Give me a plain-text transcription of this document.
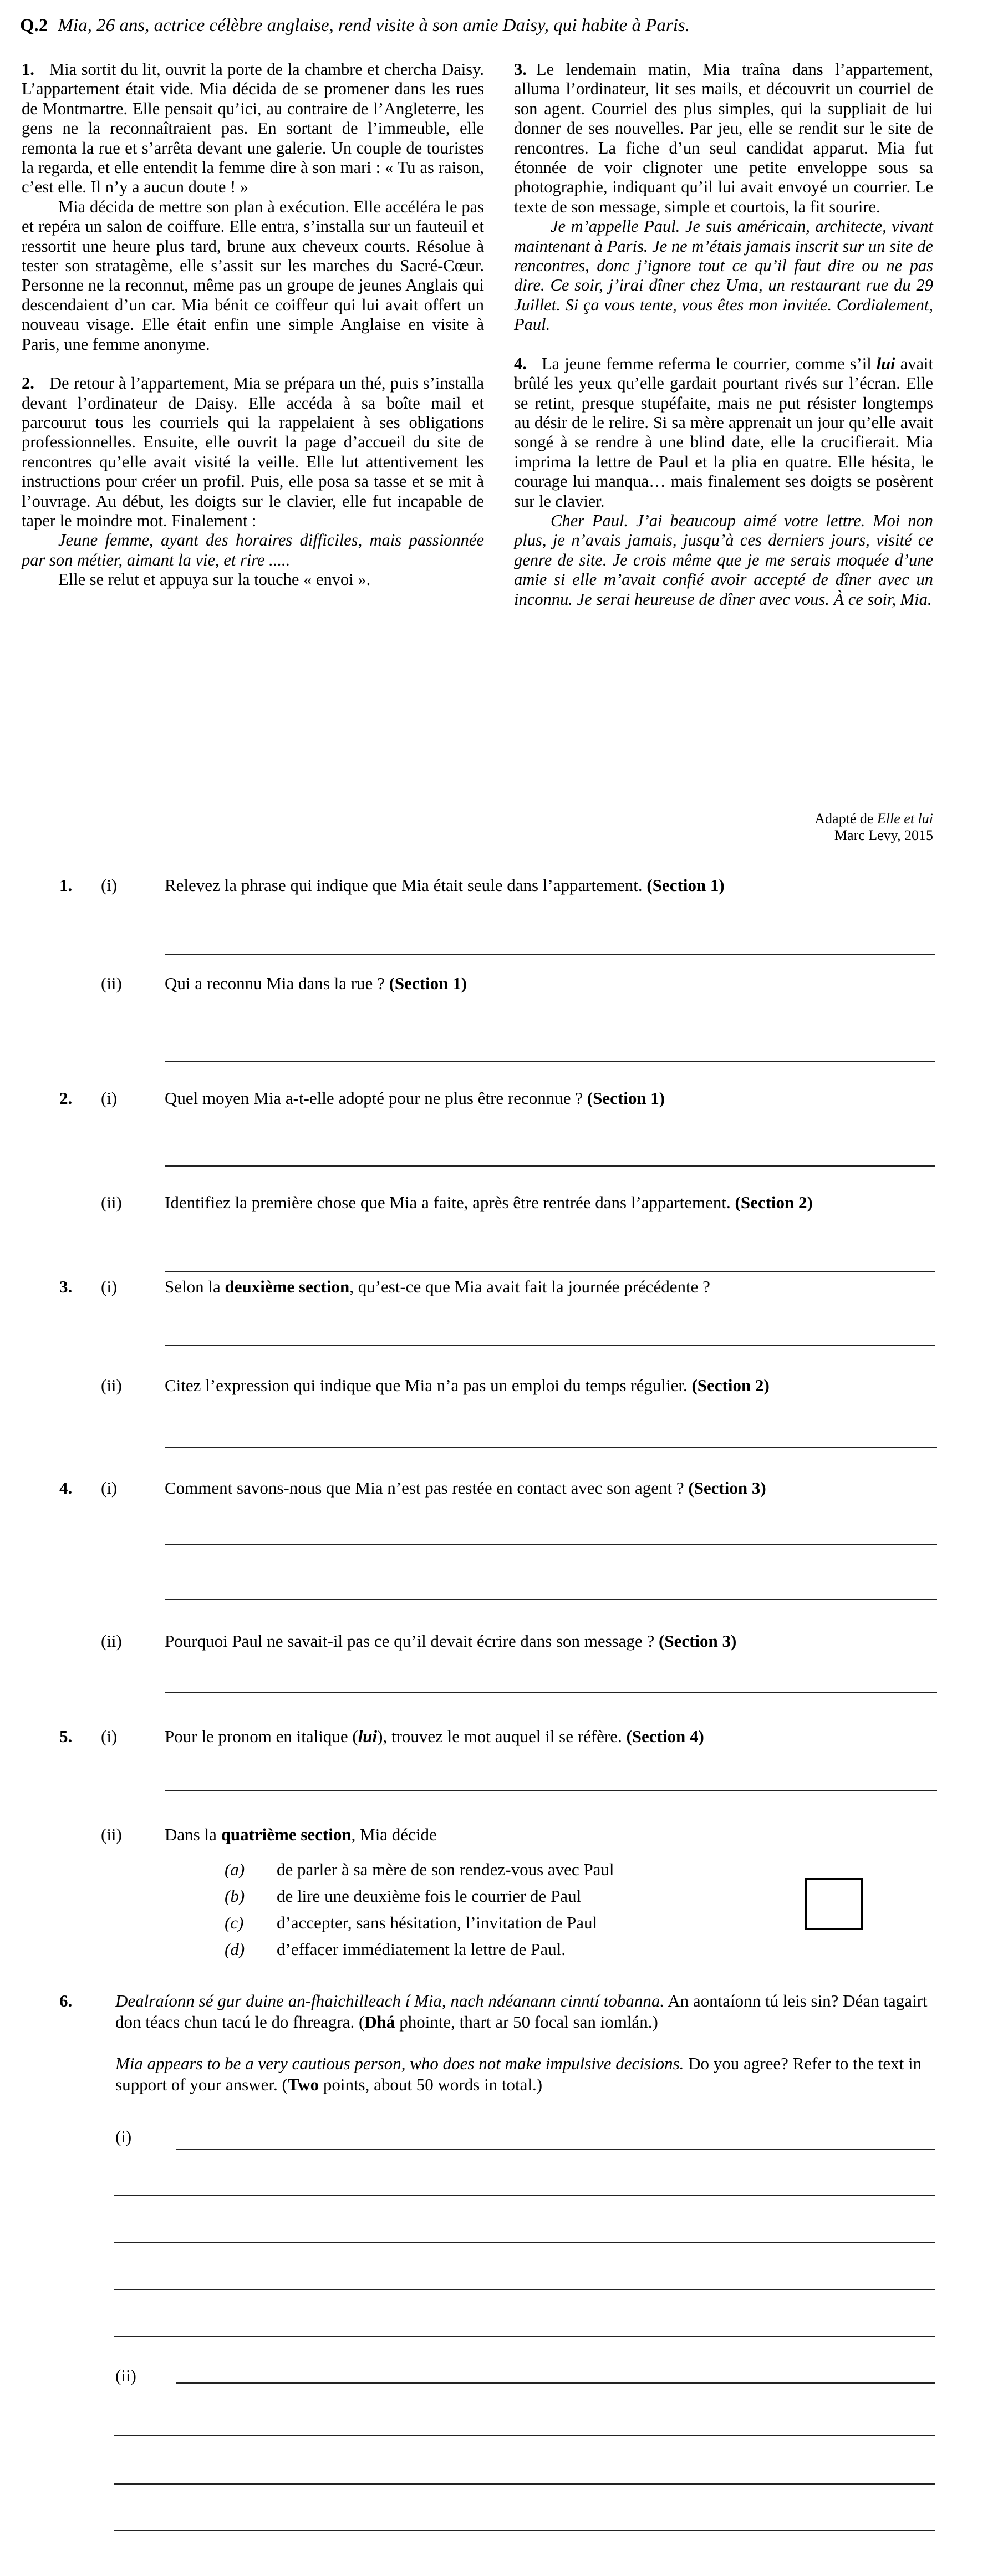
Q.2 Mia, 26 ans, actrice célèbre anglaise, rend visite à son amie Daisy, qui habite à Paris.

1. Mia sortit du lit, ouvrit la porte de la chambre et chercha Daisy. L’appartement était vide. Mia décida de se promener dans les rues de Montmartre. Elle pensait qu’ici, au contraire de l’Angleterre, les gens ne la reconnaîtraient pas. En sortant de l’immeuble, elle remonta la rue et s’arrêta devant une galerie. Un couple de touristes la regarda, et elle entendit la femme dire à son mari : « Tu as raison, c’est elle. Il n’y a aucun doute ! »

Mia décida de mettre son plan à exécution. Elle accéléra le pas et repéra un salon de coiffure. Elle entra, s’installa sur un fauteuil et ressortit une heure plus tard, brune aux cheveux courts. Résolue à tester son stratagème, elle s’assit sur les marches du Sacré-Cœur. Personne ne la reconnut, même pas un groupe de jeunes Anglais qui descendaient d’un car. Mia bénit ce coiffeur qui lui avait offert un nouveau visage. Elle était enfin une simple Anglaise en visite à Paris, une femme anonyme.

2. De retour à l’appartement, Mia se prépara un thé, puis s’installa devant l’ordinateur de Daisy. Elle accéda à sa boîte mail et parcourut tous les courriels qui la rappelaient à ses obligations professionnelles. Ensuite, elle ouvrit la page d’accueil du site de rencontres qu’elle avait visité la veille. Elle lut attentivement les instructions pour créer un profil. Puis, elle posa sa tasse et se mit à l’ouvrage. Au début, les doigts sur le clavier, elle fut incapable de taper le moindre mot. Finalement :

Jeune femme, ayant des horaires difficiles, mais passionnée par son métier, aimant la vie, et rire .....

Elle se relut et appuya sur la touche « envoi ».

3. Le lendemain matin, Mia traîna dans l’appartement, alluma l’ordinateur, lit ses mails, et découvrit un courriel de son agent. Courriel des plus simples, qui la suppliait de lui donner de ses nouvelles. Par jeu, elle se rendit sur le site de rencontres. La fiche d’un seul candidat apparut. Mia fut étonnée de voir clignoter une petite enveloppe sous sa photographie, indiquant qu’il lui avait envoyé un courrier. Le texte de son message, simple et courtois, la fit sourire.

Je m’appelle Paul. Je suis américain, architecte, vivant maintenant à Paris. Je ne m’étais jamais inscrit sur un site de rencontres, donc j’ignore tout ce qu’il faut dire ou ne pas dire. Ce soir, j’irai dîner chez Uma, un restaurant rue du 29 Juillet. Si ça vous tente, vous êtes mon invitée. Cordialement, Paul.

4. La jeune femme referma le courrier, comme s’il lui avait brûlé les yeux qu’elle gardait pourtant rivés sur l’écran. Elle se retint, presque stupéfaite, mais ne put résister longtemps au désir de le relire. Si sa mère apprenait un jour qu’elle avait songé à se rendre à une blind date, elle la crucifierait. Mia imprima la lettre de Paul et la plia en quatre. Elle hésita, le courage lui manqua… mais finalement ses doigts se posèrent sur le clavier.

Cher Paul. J’ai beaucoup aimé votre lettre. Moi non plus, je n’avais jamais, jusqu’à ces derniers jours, visité ce genre de site. Je crois même que je me serais moquée d’une amie si elle m’avait confié avoir accepté de dîner avec un inconnu. Je serai heureuse de dîner avec vous. À ce soir, Mia.

Adapté de Elle et lui
Marc Levy, 2015
1. (i)	Relevez la phrase qui indique que Mia était seule dans l’appartement. (Section 1)
(ii) Qui a reconnu Mia dans la rue ? (Section 1)
2. (i)	Quel moyen Mia a-t-elle adopté pour ne plus être reconnue ? (Section 1)
(ii) Identifiez la première chose que Mia a faite, après être rentrée dans l’appartement. (Section 2)
3. (i)	Selon la deuxième section, qu’est-ce que Mia avait fait la journée précédente ?
(ii) Citez l’expression qui indique que Mia n’a pas un emploi du temps régulier. (Section 2)
4. (i)	Comment savons-nous que Mia n’est pas restée en contact avec son agent ? (Section 3)
(ii) Pourquoi Paul ne savait-il pas ce qu’il devait écrire dans son message ? (Section 3)
5. (i)	Pour le pronom en italique (lui), trouvez le mot auquel il se réfère. (Section 4)
(ii) Dans la quatrième section, Mia décide
(a) de parler à sa mère de son rendez-vous avec Paul
(b) de lire une deuxième fois le courrier de Paul
(c) d’accepter, sans hésitation, l’invitation de Paul
(d) d’effacer immédiatement la lettre de Paul.
6.	Dealraíonn sé gur duine an-fhaichilleach í Mia, nach ndéanann cinntí tobanna. An aontaíonn tú leis sin? Déan tagairt don téacs chun tacú le do fhreagra. (Dhá phointe, thart ar 50 focal san iomlán.)
Mia appears to be a very cautious person, who does not make impulsive decisions. Do you agree? Refer to the text in support of your answer. (Two points, about 50 words in total.)
(i)
(ii)
